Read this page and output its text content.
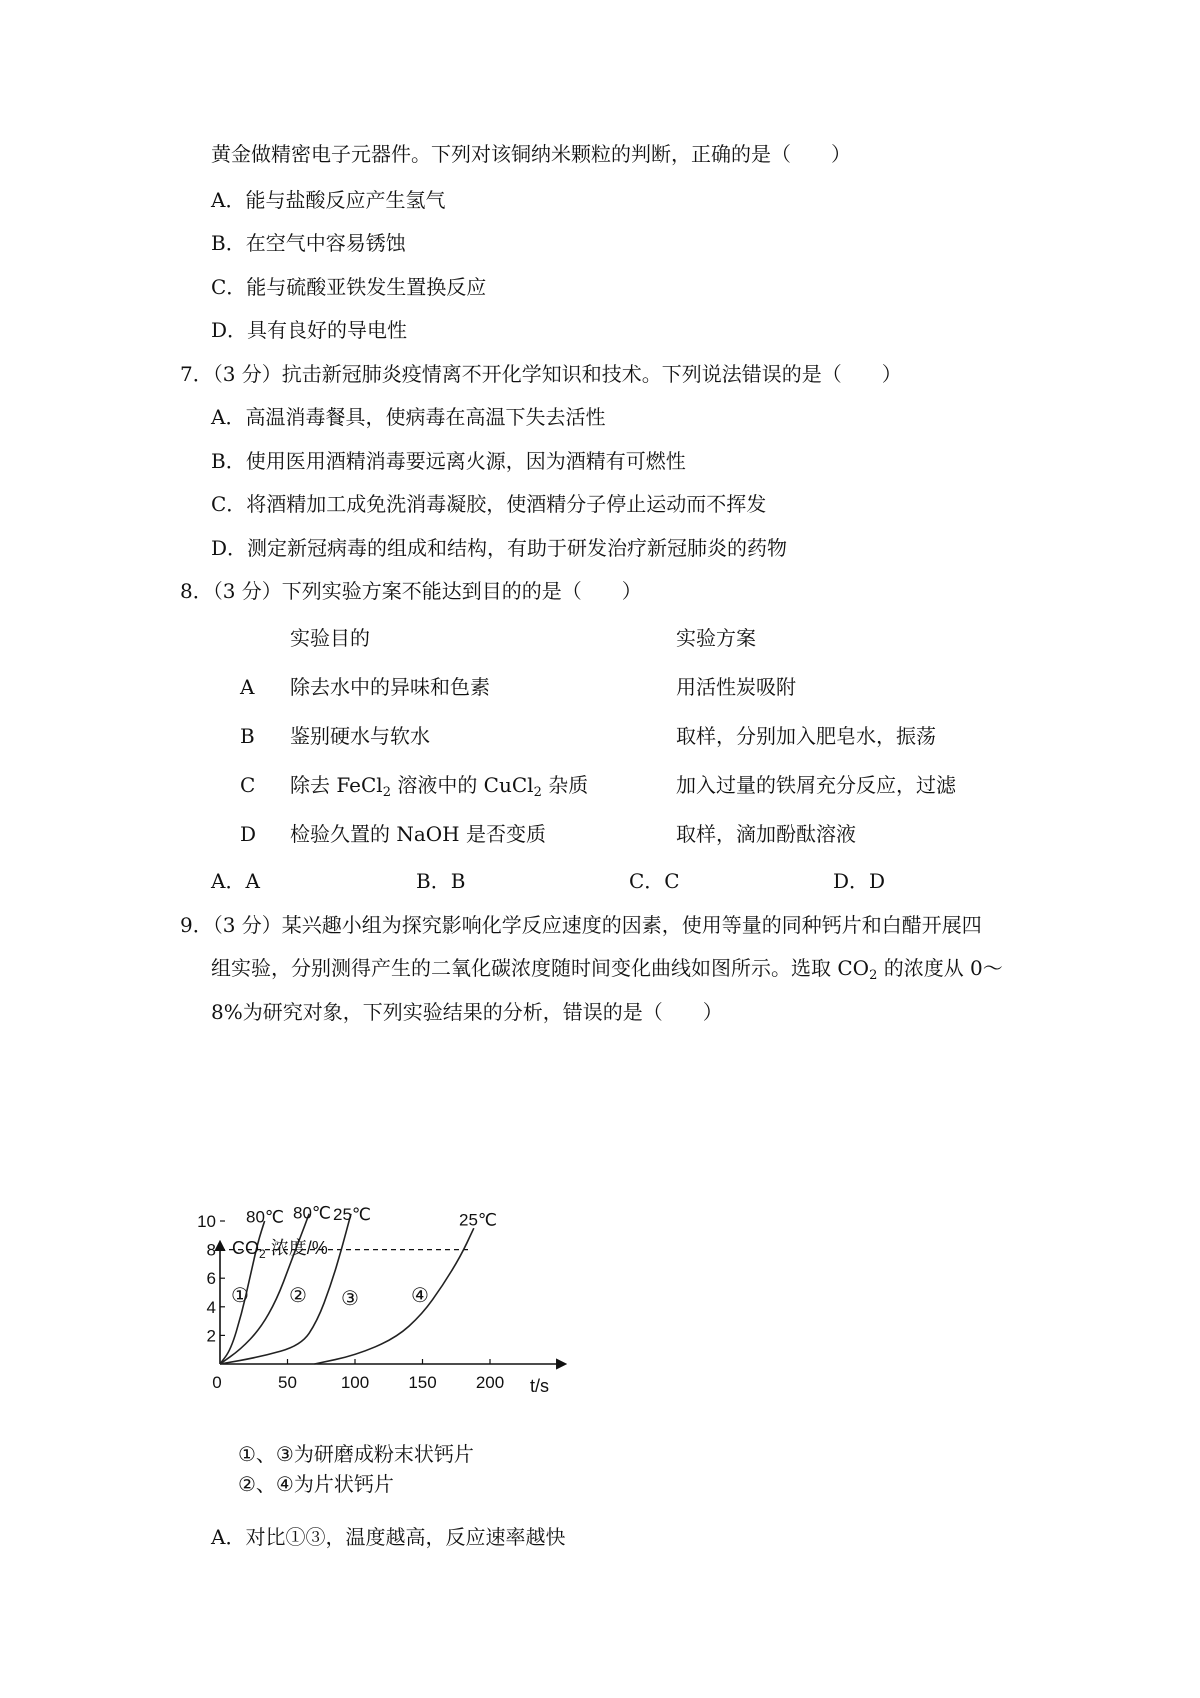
黄金做精密电子元器件。下列对该铜纳米颗粒的判断，正确的是（　　）
A．能与盐酸反应产生氢气
B．在空气中容易锈蚀
C．能与硫酸亚铁发生置换反应
D．具有良好的导电性
7．（3 分）抗击新冠肺炎疫情离不开化学知识和技术。下列说法错误的是（　　）
A．高温消毒餐具，使病毒在高温下失去活性
B．使用医用酒精消毒要远离火源，因为酒精有可燃性
C．将酒精加工成免洗消毒凝胶，使酒精分子停止运动而不挥发
D．测定新冠病毒的组成和结构，有助于研发治疗新冠肺炎的药物
8．（3 分）下列实验方案不能达到目的的是（　　）
实验目的	实验方案
A 除去水中的异味和色素	用活性炭吸附
B 鉴别硬水与软水	取样，分别加入肥皂水，振荡
C 除去 FeCl$_2$ 溶液中的 CuCl$_2$ 杂质	加入过量的铁屑充分反应，过滤
D 检验久置的 NaOH 是否变质	取样，滴加酚酞溶液
A．A	B．B	C．C	D．D
9．（3 分）某兴趣小组为探究影响化学反应速度的因素，使用等量的同种钙片和白醋开展四
组实验，分别测得产生的二氧化碳浓度随时间变化曲线如图所示。选取 $CO_2$ 的浓度从 0～
8%为研究对象，下列实验结果的分析，错误的是（　　）
0	50	100 150 200
2
4
6
8
10
①
80℃
②
80℃
③
25℃
④
25℃
$CO_2$ 浓度/%
t/s
①、③为研磨成粉末状钙片
②、④为片状钙片
A．对比①③，温度越高，反应速率越快
